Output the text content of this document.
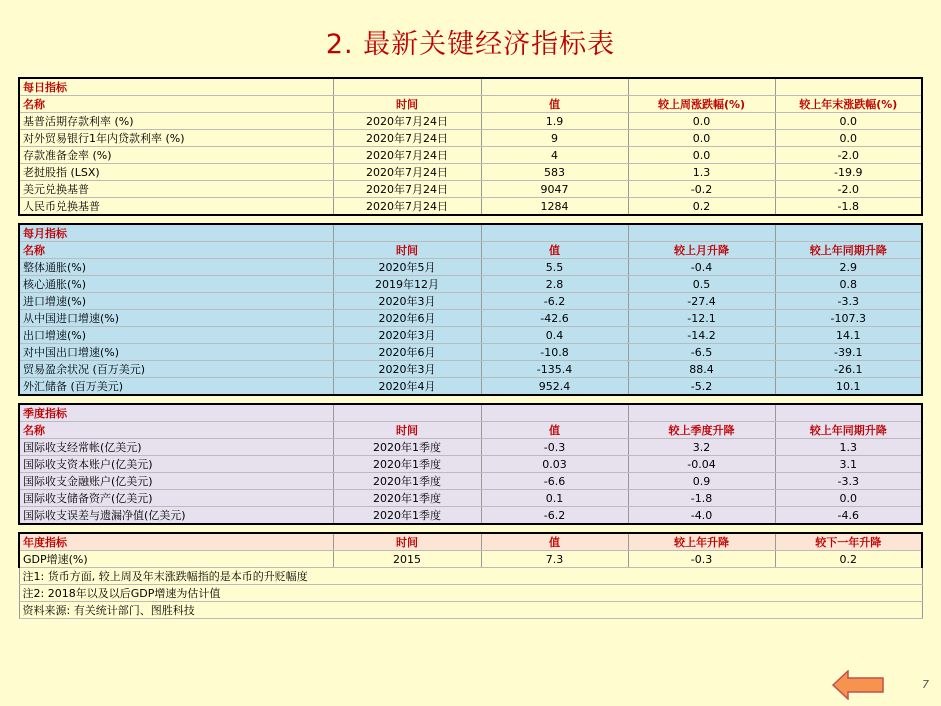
2. 最新关键经济指标表
每日指标				
名称	时间	值	较上周涨跌幅(%)	较上年末涨跌幅(%)
基普活期存款利率 (%)	2020年7月24日	1.9	0.0	0.0
对外贸易银行1年内贷款利率 (%)	2020年7月24日	9	0.0	0.0
存款准备金率 (%)	2020年7月24日	4	0.0	-2.0
老挝股指 (LSX)	2020年7月24日	583	1.3	-19.9
美元兑换基普	2020年7月24日	9047	-0.2	-2.0
人民币兑换基普	2020年7月24日	1284	0.2	-1.8

每月指标				
名称	时间	值	较上月升降	较上年同期升降
整体通胀(%)	2020年5月	5.5	-0.4	2.9
核心通胀(%)	2019年12月	2.8	0.5	0.8
进口增速(%)	2020年3月	-6.2	-27.4	-3.3
从中国进口增速(%)	2020年6月	-42.6	-12.1	-107.3
出口增速(%)	2020年3月	0.4	-14.2	14.1
对中国出口增速(%)	2020年6月	-10.8	-6.5	-39.1
贸易盈余状况 (百万美元)	2020年3月	-135.4	88.4	-26.1
外汇储备 (百万美元)	2020年4月	952.4	-5.2	10.1

季度指标				
名称	时间	值	较上季度升降	较上年同期升降
国际收支经常帐(亿美元)	2020年1季度	-0.3	3.2	1.3
国际收支资本账户(亿美元)	2020年1季度	0.03	-0.04	3.1
国际收支金融账户(亿美元)	2020年1季度	-6.6	0.9	-3.3
国际收支储备资产(亿美元)	2020年1季度	0.1	-1.8	0.0
国际收支误差与遗漏净值(亿美元)	2020年1季度	-6.2	-4.0	-4.6

年度指标	时间	值	较上年升降	较下一年升降
GDP增速(%)	2015	7.3	-0.3	0.2
注1: 货币方面, 较上周及年末涨跌幅指的是本币的升贬幅度				
注2: 2018年以及以后GDP增速为估计值				
资料来源: 有关统计部门、图胜科技				
7
